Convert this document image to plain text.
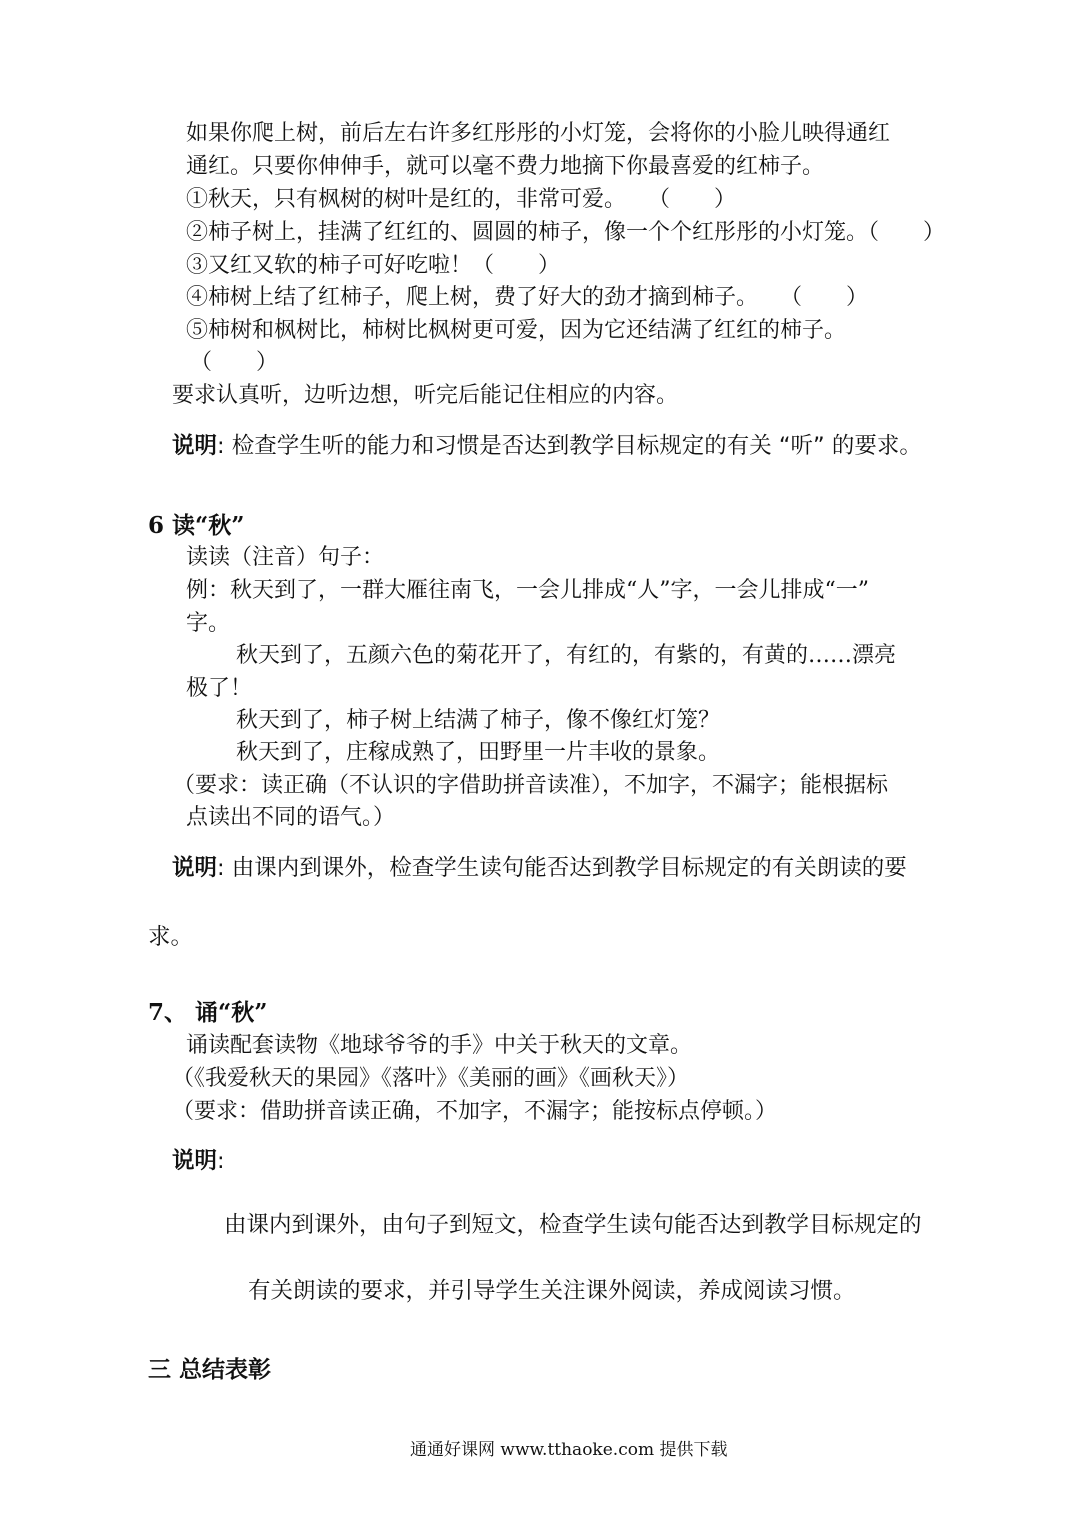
如果你爬上树，前后左右许多红彤彤的小灯笼，会将你的小脸儿映得通红
通红。只要你伸伸手，就可以毫不费力地摘下你最喜爱的红柿子。
①秋天，只有枫树的树叶是红的，非常可爱。　　（　　）
②柿子树上，挂满了红红的、圆圆的柿子，像一个个红彤彤的小灯笼。（　　）
③又红又软的柿子可好吃啦！（　　）
④柿树上结了红柿子，爬上树，费了好大的劲才摘到柿子。　　（　　）
⑤柿树和枫树比，柿树比枫树更可爱，因为它还结满了红红的柿子。
（　　）
要求认真听，边听边想，听完后能记住相应的内容。
说明: 检查学生听的能力和习惯是否达到教学目标规定的有关 “听” 的要求。
6 读“秋”
读读（注音）句子：
例：秋天到了，一群大雁往南飞，一会儿排成“人”字，一会儿排成“一”
字。
秋天到了，五颜六色的菊花开了，有红的，有紫的，有黄的……漂亮
极了！
秋天到了，柿子树上结满了柿子，像不像红灯笼？
秋天到了，庄稼成熟了，田野里一片丰收的景象。
（要求：读正确（不认识的字借助拼音读准），不加字，不漏字；能根据标
点读出不同的语气。）
说明: 由课内到课外，检查学生读句能否达到教学目标规定的有关朗读的要
求。
7、 诵“秋”
诵读配套读物《地球爷爷的手》中关于秋天的文章。
（《我爱秋天的果园》《落叶》《美丽的画》《画秋天》）
（要求：借助拼音读正确，不加字，不漏字；能按标点停顿。）
说明:
由课内到课外，由句子到短文，检查学生读句能否达到教学目标规定的
有关朗读的要求，并引导学生关注课外阅读，养成阅读习惯。
三 总结表彰
通通好课网 www.tthaoke.com 提供下载
